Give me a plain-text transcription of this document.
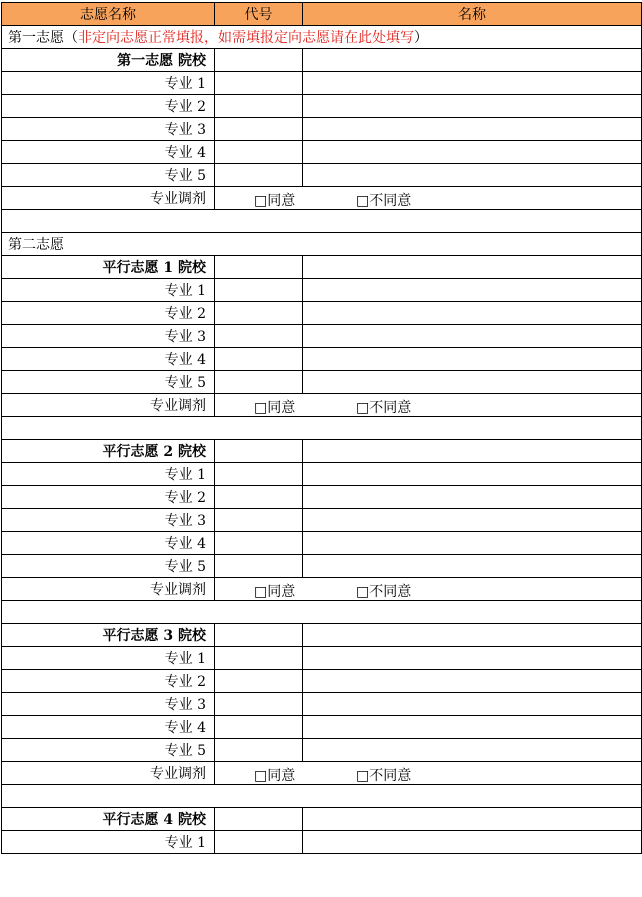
志愿名称	代号	名称
第一志愿（非定向志愿正常填报，如需填报定向志愿请在此处填写）		
第一志愿 院校		
专业 1		
专业 2		
专业 3		
专业 4		
专业 5		
专业调剂	□同意 □不同意	

第二志愿		
平行志愿 1 院校		
专业 1		
专业 2		
专业 3		
专业 4		
专业 5		
专业调剂	□同意 □不同意	

平行志愿 2 院校		
专业 1		
专业 2		
专业 3		
专业 4		
专业 5		
专业调剂	□同意 □不同意	

平行志愿 3 院校		
专业 1		
专业 2		
专业 3		
专业 4		
专业 5		
专业调剂	□同意 □不同意	

平行志愿 4 院校		
专业 1		
